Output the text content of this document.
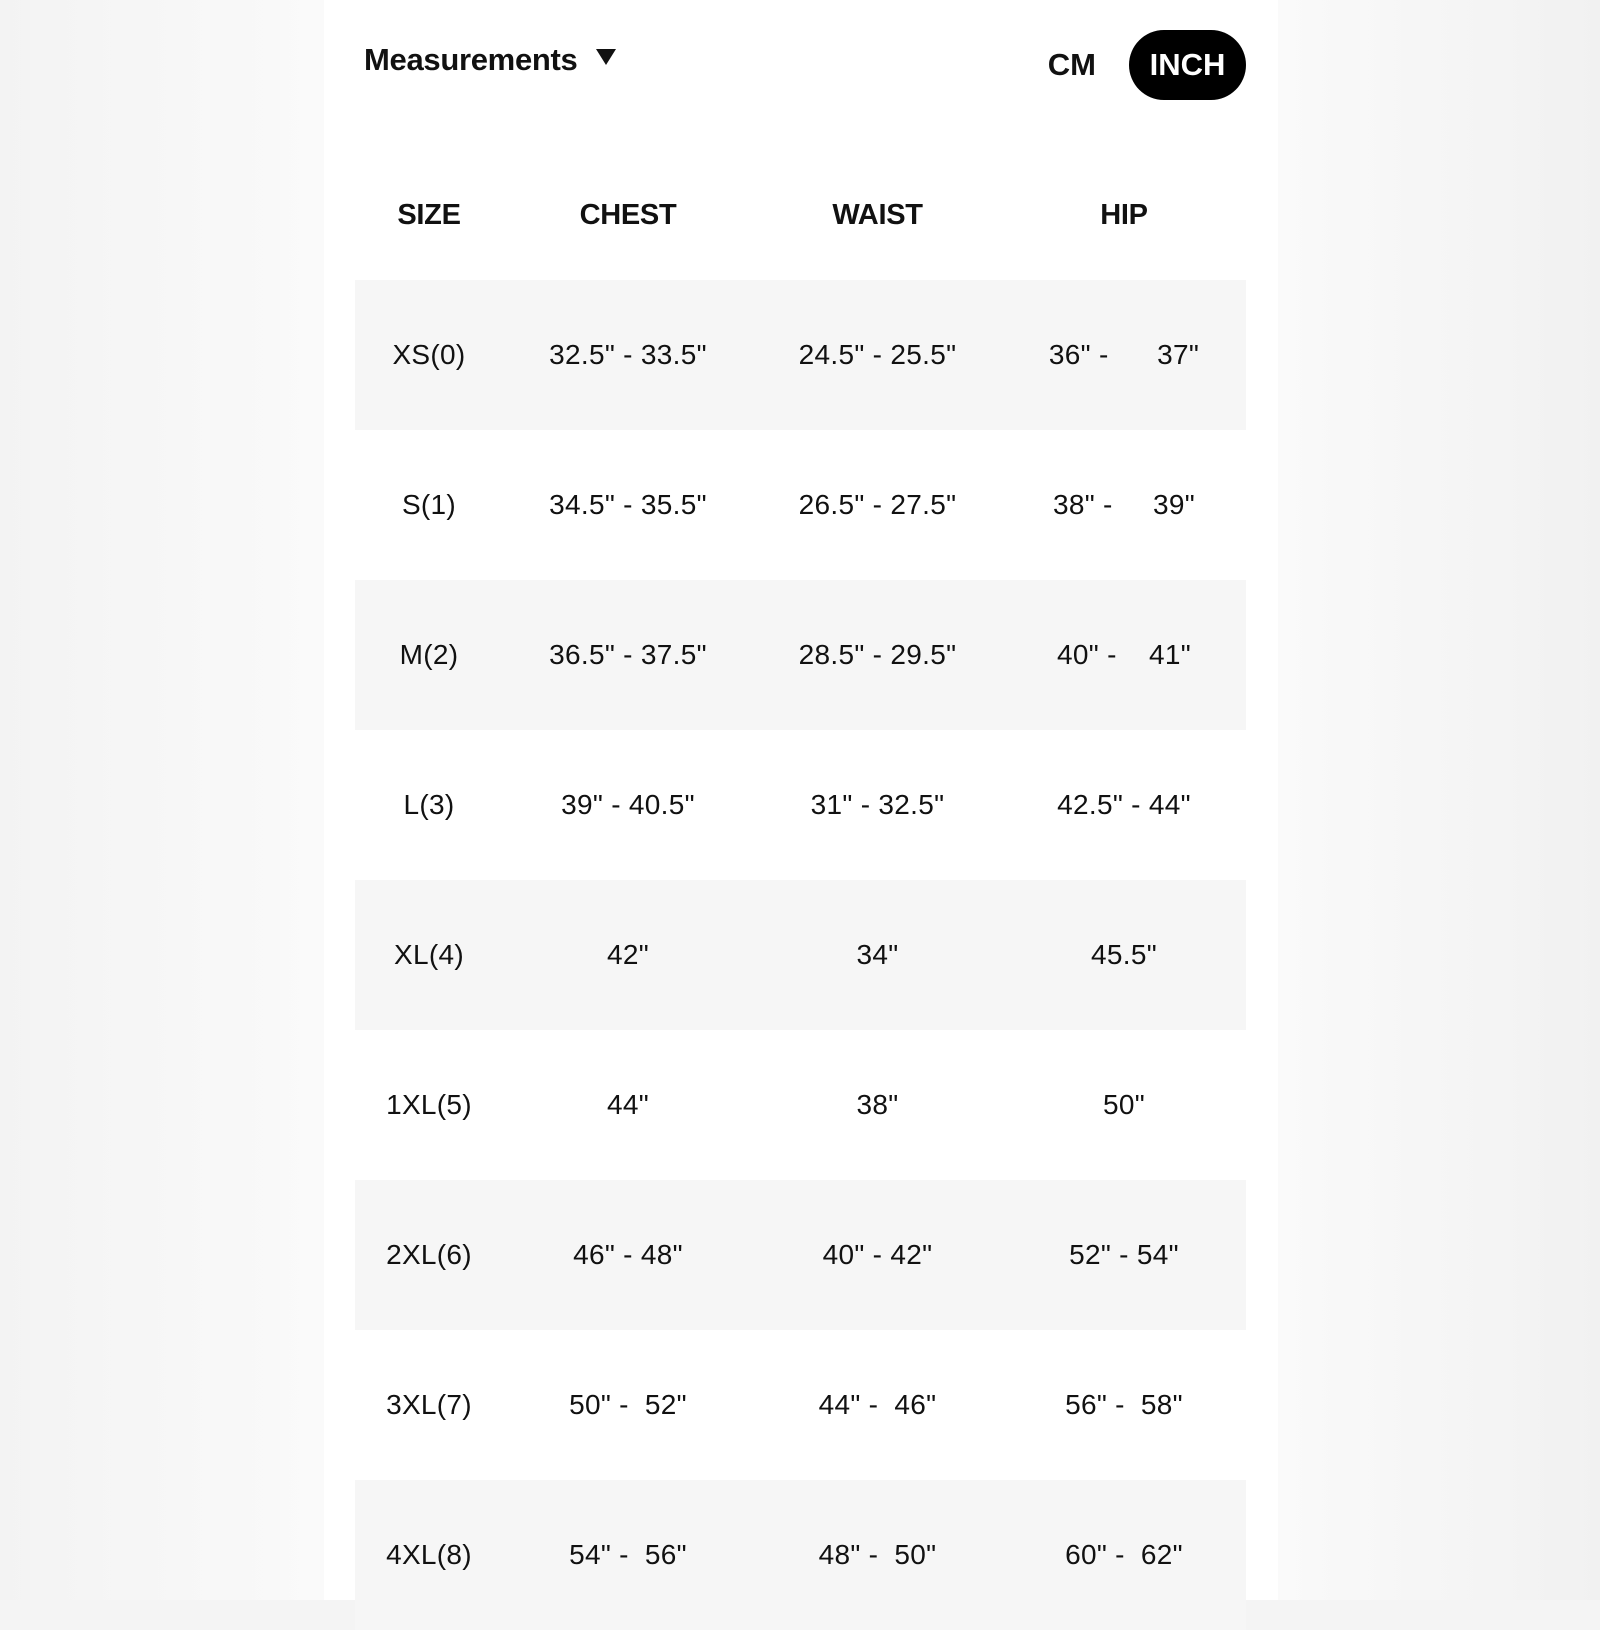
Measurements	CM	INCH
SIZE	CHEST	WAIST	HIP
XS(0)	32.5" - 33.5"	24.5" - 25.5"	36" -      37"
S(1)	34.5" - 35.5"	26.5" - 27.5"	38" -     39"
M(2)	36.5" - 37.5"	28.5" - 29.5"	40" -    41"
L(3)	39" - 40.5"	31" - 32.5"	42.5" - 44"
XL(4)	42"	34"	45.5"
1XL(5)	44"	38"	50"
2XL(6)	46" - 48"	40" - 42"	52" - 54"
3XL(7)	50" -  52"	44" -  46"	56" -  58"
4XL(8)	54" -  56"	48" -  50"	60" -  62"
